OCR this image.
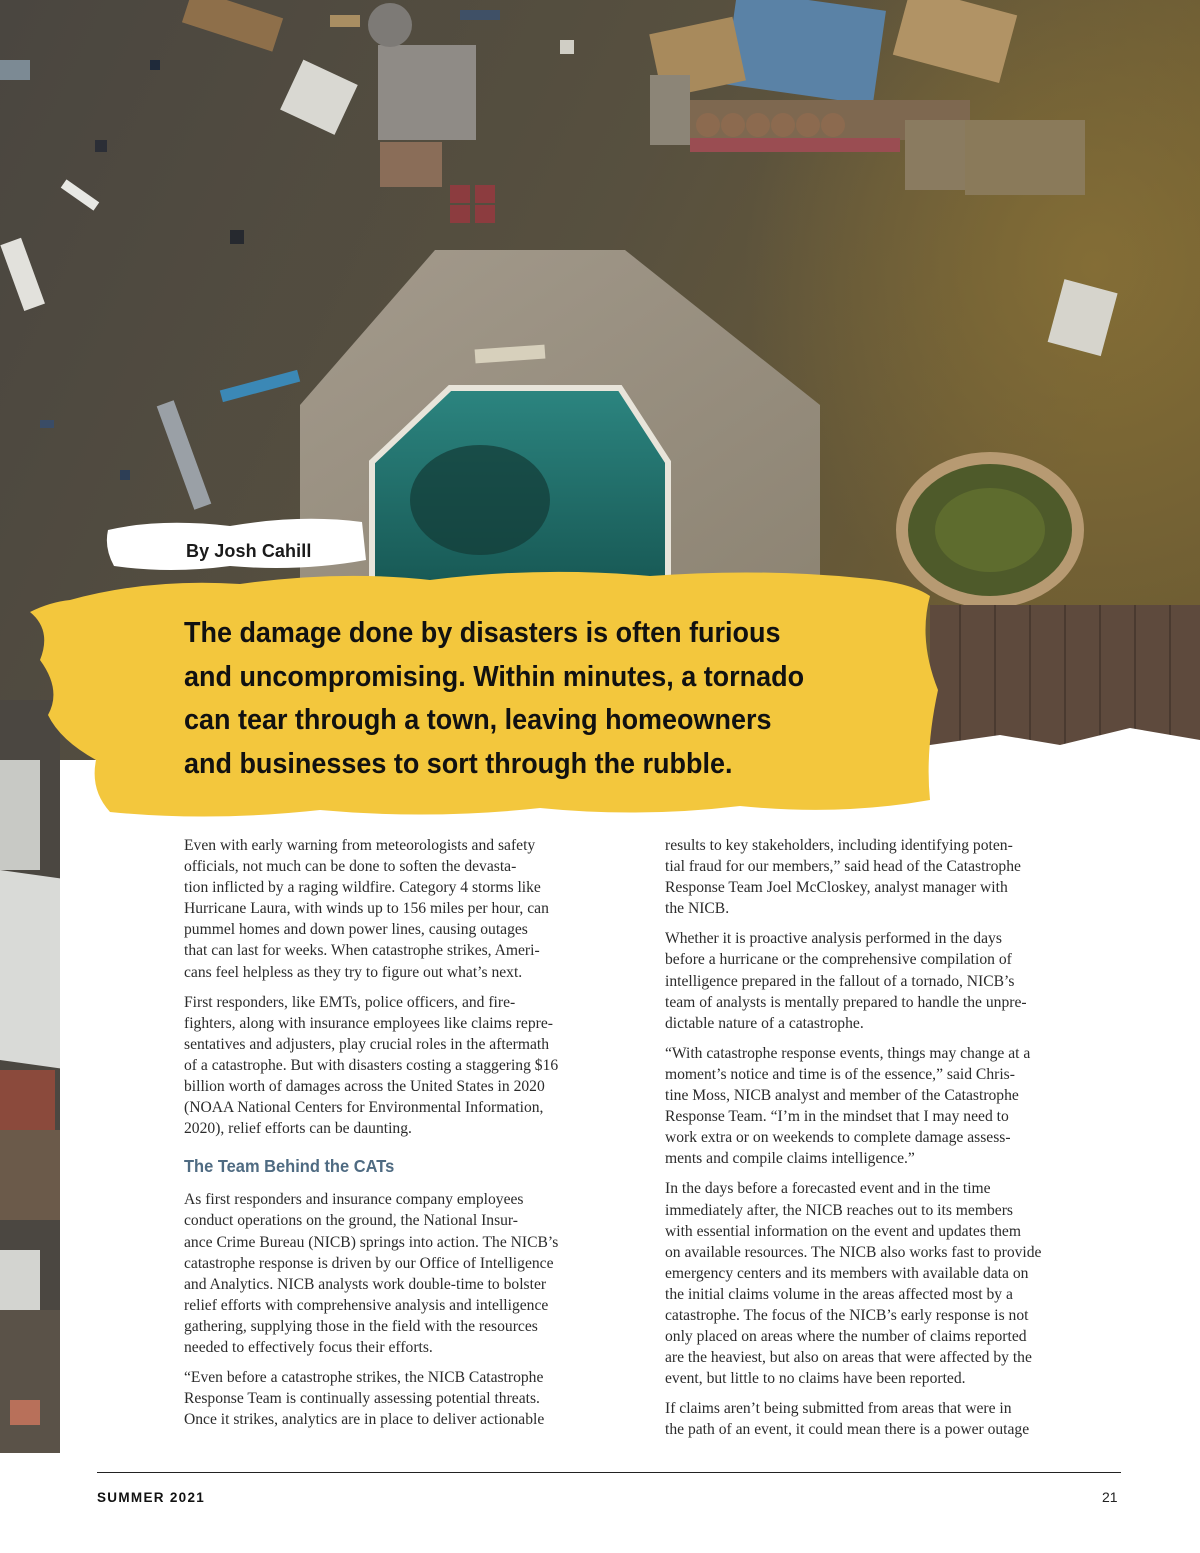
By Josh Cahill
The damage done by disasters is often furious
and uncompromising. Within minutes, a tornado
can tear through a town, leaving homeowners
and businesses to sort through the rubble.

Even with early warning from meteorologists and safety
officials, not much can be done to soften the devasta-
tion inflicted by a raging wildfire. Category 4 storms like
Hurricane Laura, with winds up to 156 miles per hour, can
pummel homes and down power lines, causing outages
that can last for weeks. When catastrophe strikes, Ameri-
cans feel helpless as they try to figure out what’s next.

First responders, like EMTs, police officers, and fire-
fighters, along with insurance employees like claims repre-
sentatives and adjusters, play crucial roles in the aftermath
of a catastrophe. But with disasters costing a staggering $16
billion worth of damages across the United States in 2020
(NOAA National Centers for Environmental Information,
2020), relief efforts can be daunting.

The Team Behind the CATs

As first responders and insurance company employees
conduct operations on the ground, the National Insur-
ance Crime Bureau (NICB) springs into action. The NICB’s
catastrophe response is driven by our Office of Intelligence
and Analytics. NICB analysts work double-time to bolster
relief efforts with comprehensive analysis and intelligence
gathering, supplying those in the field with the resources
needed to effectively focus their efforts.

“Even before a catastrophe strikes, the NICB Catastrophe
Response Team is continually assessing potential threats.
Once it strikes, analytics are in place to deliver actionable

results to key stakeholders, including identifying poten-
tial fraud for our members,” said head of the Catastrophe
Response Team Joel McCloskey, analyst manager with
the NICB.

Whether it is proactive analysis performed in the days
before a hurricane or the comprehensive compilation of
intelligence prepared in the fallout of a tornado, NICB’s
team of analysts is mentally prepared to handle the unpre-
dictable nature of a catastrophe.

“With catastrophe response events, things may change at a
moment’s notice and time is of the essence,” said Chris-
tine Moss, NICB analyst and member of the Catastrophe
Response Team. “I’m in the mindset that I may need to
work extra or on weekends to complete damage assess-
ments and compile claims intelligence.”

In the days before a forecasted event and in the time
immediately after, the NICB reaches out to its members
with essential information on the event and updates them
on available resources. The NICB also works fast to provide
emergency centers and its members with available data on
the initial claims volume in the areas affected most by a
catastrophe. The focus of the NICB’s early response is not
only placed on areas where the number of claims reported
are the heaviest, but also on areas that were affected by the
event, but little to no claims have been reported.

If claims aren’t being submitted from areas that were in
the path of an event, it could mean there is a power outage

SUMMER 2021	21
